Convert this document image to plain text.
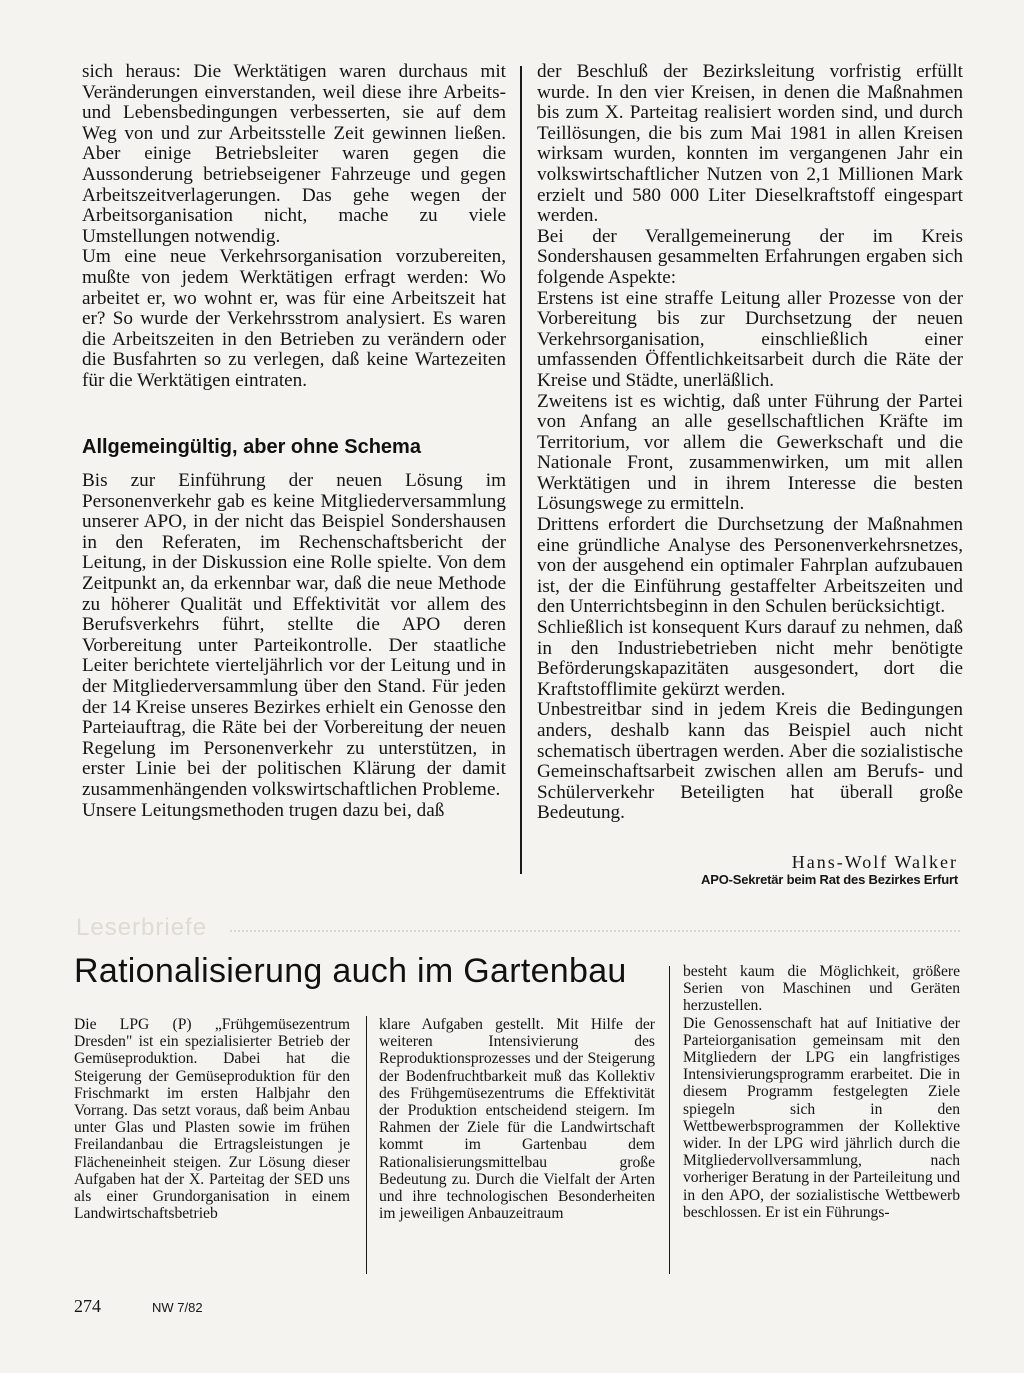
sich heraus: Die Werktätigen waren durchaus mit Veränderungen einverstanden, weil diese ihre Arbeits- und Lebensbedingungen verbesserten, sie auf dem Weg von und zur Arbeitsstelle Zeit gewinnen ließen. Aber einige Betriebsleiter waren gegen die Aussonderung betriebseigener Fahrzeuge und gegen Arbeitszeitverlagerungen. Das gehe wegen der Arbeitsorganisation nicht, mache zu viele Umstellungen notwendig.

Um eine neue Verkehrsorganisation vorzubereiten, mußte von jedem Werktätigen erfragt werden: Wo arbeitet er, wo wohnt er, was für eine Arbeitszeit hat er? So wurde der Verkehrsstrom analysiert. Es waren die Arbeitszeiten in den Betrieben zu verändern oder die Busfahrten so zu verlegen, daß keine Wartezeiten für die Werktätigen eintraten.

Allgemeingültig, aber ohne Schema

Bis zur Einführung der neuen Lösung im Personenverkehr gab es keine Mitgliederversammlung unserer APO, in der nicht das Beispiel Sondershausen in den Referaten, im Rechenschaftsbericht der Leitung, in der Diskussion eine Rolle spielte. Von dem Zeitpunkt an, da erkennbar war, daß die neue Methode zu höherer Qualität und Effektivität vor allem des Berufsverkehrs führt, stellte die APO deren Vorbereitung unter Parteikontrolle. Der staatliche Leiter berichtete vierteljährlich vor der Leitung und in der Mitgliederversammlung über den Stand. Für jeden der 14 Kreise unseres Bezirkes erhielt ein Genosse den Parteiauftrag, die Räte bei der Vorbereitung der neuen Regelung im Personenverkehr zu unterstützen, in erster Linie bei der politischen Klärung der damit zusammenhängenden volkswirtschaftlichen Probleme.

Unsere Leitungsmethoden trugen dazu bei, daß

der Beschluß der Bezirksleitung vorfristig erfüllt wurde. In den vier Kreisen, in denen die Maßnahmen bis zum X. Parteitag realisiert worden sind, und durch Teillösungen, die bis zum Mai 1981 in allen Kreisen wirksam wurden, konnten im vergangenen Jahr ein volkswirtschaftlicher Nutzen von 2,1 Millionen Mark erzielt und 580 000 Liter Dieselkraftstoff eingespart werden.

Bei der Verallgemeinerung der im Kreis Sondershausen gesammelten Erfahrungen ergaben sich folgende Aspekte:

Erstens ist eine straffe Leitung aller Prozesse von der Vorbereitung bis zur Durchsetzung der neuen Verkehrsorganisation, einschließlich einer umfassenden Öffentlichkeitsarbeit durch die Räte der Kreise und Städte, unerläßlich.

Zweitens ist es wichtig, daß unter Führung der Partei von Anfang an alle gesellschaftlichen Kräfte im Territorium, vor allem die Gewerkschaft und die Nationale Front, zusammenwirken, um mit allen Werktätigen und in ihrem Interesse die besten Lösungswege zu ermitteln.

Drittens erfordert die Durchsetzung der Maßnahmen eine gründliche Analyse des Personenverkehrsnetzes, von der ausgehend ein optimaler Fahrplan aufzubauen ist, der die Einführung gestaffelter Arbeitszeiten und den Unterrichtsbeginn in den Schulen berücksichtigt.

Schließlich ist konsequent Kurs darauf zu nehmen, daß in den Industriebetrieben nicht mehr benötigte Beförderungskapazitäten ausgesondert, dort die Kraftstofflimite gekürzt werden.

Unbestreitbar sind in jedem Kreis die Bedingungen anders, deshalb kann das Beispiel auch nicht schematisch übertragen werden. Aber die sozialistische Gemeinschaftsarbeit zwischen allen am Berufs- und Schülerverkehr Beteiligten hat überall große Bedeutung.

Hans-Wolf Walker
APO-Sekretär beim Rat des Bezirkes Erfurt
Leserbriefe
Rationalisierung auch im Gartenbau

Die LPG (P) „Frühgemüsezentrum Dresden" ist ein spezialisierter Betrieb der Gemüseproduktion. Dabei hat die Steigerung der Gemüseproduktion für den Frischmarkt im ersten Halbjahr den Vorrang. Das setzt voraus, daß beim Anbau unter Glas und Plasten sowie im frühen Freilandanbau die Ertragsleistungen je Flächeneinheit steigen. Zur Lösung dieser Aufgaben hat der X. Parteitag der SED uns als einer Grundorganisation in einem Landwirtschaftsbetrieb

klare Aufgaben gestellt. Mit Hilfe der weiteren Intensivierung des Reproduktionsprozesses und der Steigerung der Bodenfruchtbarkeit muß das Kollektiv des Frühgemüsezentrums die Effektivität der Produktion entscheidend steigern. Im Rahmen der Ziele für die Landwirtschaft kommt im Gartenbau dem Rationalisierungsmittelbau große Bedeutung zu. Durch die Vielfalt der Arten und ihre technologischen Besonderheiten im jeweiligen Anbauzeitraum

besteht kaum die Möglichkeit, größere Serien von Maschinen und Geräten herzustellen.

Die Genossenschaft hat auf Initiative der Parteiorganisation gemeinsam mit den Mitgliedern der LPG ein langfristiges Intensivierungsprogramm erarbeitet. Die in diesem Programm festgelegten Ziele spiegeln sich in den Wettbewerbsprogrammen der Kollektive wider. In der LPG wird jährlich durch die Mitgliedervollversammlung, nach vorheriger Beratung in der Parteileitung und in den APO, der sozialistische Wettbewerb beschlossen. Er ist ein Führungs-

274	NW 7/82
